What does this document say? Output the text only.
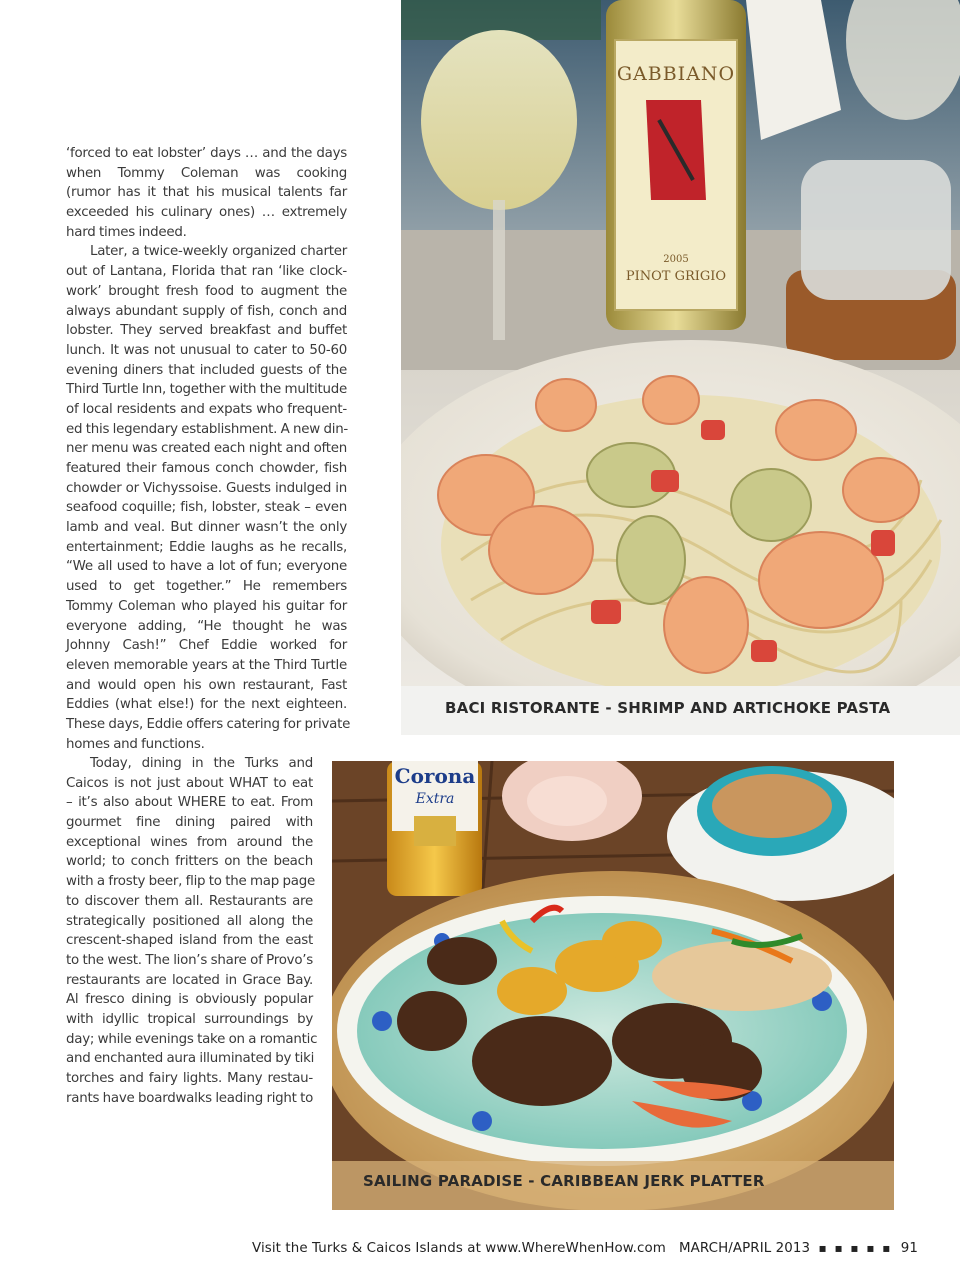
GABBIANO
2005
PINOT GRIGIO
BACI RISTORANTE - SHRIMP AND ARTICHOKE PASTA
‘forced to eat lobster’ days … and the days
when Tommy Coleman was cooking
(rumor has it that his musical talents far
exceeded his culinary ones) … extremely
hard times indeed.
Later, a twice-weekly organized charter
out of Lantana, Florida that ran ‘like clock-
work’ brought fresh food to augment the
always abundant supply of fish, conch and
lobster. They served breakfast and buffet
lunch. It was not unusual to cater to 50-60
evening diners that included guests of the
Third Turtle Inn, together with the multitude
of local residents and expats who frequent-
ed this legendary establishment. A new din-
ner menu was created each night and often
featured their famous conch chowder, fish
chowder or Vichyssoise. Guests indulged in
seafood coquille; fish, lobster, steak – even
lamb and veal. But dinner wasn’t the only
entertainment; Eddie laughs as he recalls,
“We all used to have a lot of fun; everyone
used to get together.” He remembers
Tommy Coleman who played his guitar for
everyone adding, “He thought he was
Johnny Cash!” Chef Eddie worked for
eleven memorable years at the Third Turtle
and would open his own restaurant, Fast
Eddies (what else!) for the next eighteen.
These days, Eddie offers catering for private
homes and functions.
Today, dining in the Turks and
Caicos is not just about WHAT to eat
– it’s also about WHERE to eat. From
gourmet fine dining paired with
exceptional wines from around the
world; to conch fritters on the beach
with a frosty beer, flip to the map page
to discover them all. Restaurants are
strategically positioned all along the
crescent-shaped island from the east
to the west. The lion’s share of Provo’s
restaurants are located in Grace Bay.
Al fresco dining is obviously popular
with idyllic tropical surroundings by
day; while evenings take on a romantic
and enchanted aura illuminated by tiki
torches and fairy lights. Many restau-
rants have boardwalks leading right to
Corona
Extra
SAILING PARADISE - CARIBBEAN JERK PLATTER
Visit the Turks & Caicos Islands at www.WhereWhenHow.com MARCH/APRIL 2013 ▪ ▪ ▪ ▪ ▪ 91
